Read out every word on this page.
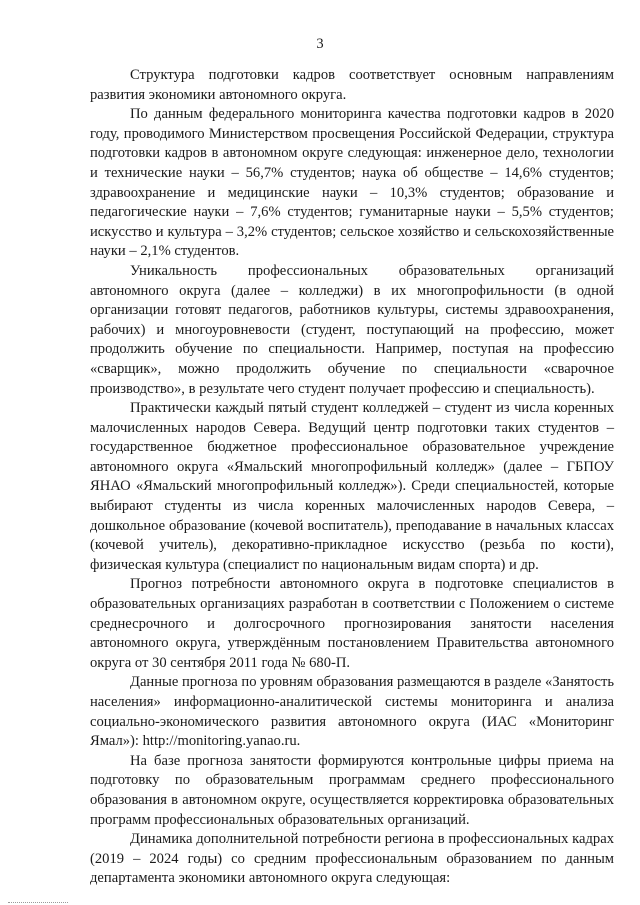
3

Структура подготовки кадров соответствует основным направлениям развития экономики автономного округа.

По данным федерального мониторинга качества подготовки кадров в 2020 году, проводимого Министерством просвещения Российской Федерации, структура подготовки кадров в автономном округе следующая: инженерное дело, технологии и технические науки – 56,7% студентов; наука об обществе – 14,6% студентов; здравоохранение и медицинские науки – 10,3% студентов; образование и педагогические науки – 7,6% студентов; гуманитарные науки – 5,5% студентов; искусство и культура – 3,2% студентов; сельское хозяйство и сельскохозяйственные науки – 2,1% студентов.

Уникальность профессиональных образовательных организаций автономного округа (далее – колледжи) в их многопрофильности (в одной организации готовят педагогов, работников культуры, системы здравоохранения, рабочих) и многоуровневости (студент, поступающий на профессию, может продолжить обучение по специальности. Например, поступая на профессию «сварщик», можно продолжить обучение по специальности «сварочное производство», в результате чего студент получает профессию и специальность).

Практически каждый пятый студент колледжей – студент из числа коренных малочисленных народов Севера. Ведущий центр подготовки таких студентов – государственное бюджетное профессиональное образовательное учреждение автономного округа «Ямальский многопрофильный колледж» (далее – ГБПОУ ЯНАО «Ямальский многопрофильный колледж»). Среди специальностей, которые выбирают студенты из числа коренных малочисленных народов Севера, – дошкольное образование (кочевой воспитатель), преподавание в начальных классах (кочевой учитель), декоративно-прикладное искусство (резьба по кости), физическая культура (специалист по национальным видам спорта) и др.

Прогноз потребности автономного округа в подготовке специалистов в образовательных организациях разработан в соответствии с Положением о системе среднесрочного и долгосрочного прогнозирования занятости населения автономного округа, утверждённым постановлением Правительства автономного округа от 30 сентября 2011 года № 680-П.

Данные прогноза по уровням образования размещаются в разделе «Занятость населения» информационно-аналитической системы мониторинга и анализа социально-экономического развития автономного округа (ИАС «Мониторинг Ямал»): http://monitoring.yanao.ru.

На базе прогноза занятости формируются контрольные цифры приема на подготовку по образовательным программам среднего профессионального образования в автономном округе, осуществляется корректировка образовательных программ профессиональных образовательных организаций.

Динамика дополнительной потребности региона в профессиональных кадрах (2019 – 2024 годы) со средним профессиональным образованием по данным департамента экономики автономного округа следующая:
